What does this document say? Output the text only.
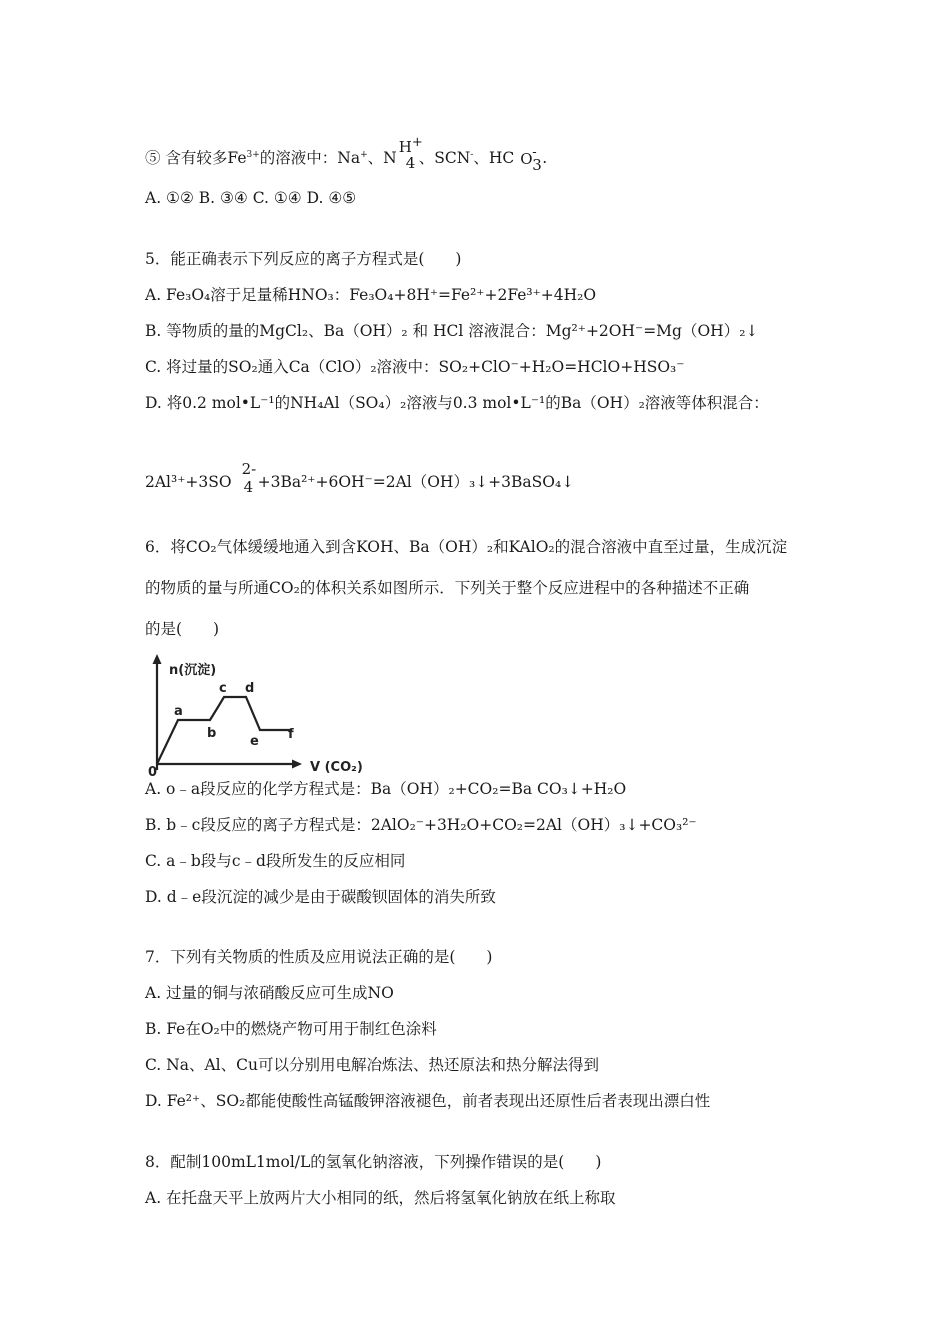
⑤ 含有较多$Fe^{3+}$的溶液中：Na+、N
H+
4 、SCN-、HC O -
3 .
A. ①② B. ③④ C. ①④ D. ④⑤
5．能正确表示下列反应的离子方程式是(　　)
A. Fe₃O₄溶于足量稀HNO₃：Fe₃O₄+8H⁺=Fe²⁺+2Fe³⁺+4H₂O
B. 等物质的量的MgCl₂、Ba（OH）₂ 和 HCl 溶液混合：Mg²⁺+2OH⁻=Mg（OH）₂↓
C. 将过量的SO₂通入Ca（ClO）₂溶液中：SO₂+ClO⁻+H₂O=HClO+HSO₃⁻
D. 将0.2 mol•L⁻¹的NH₄Al（SO₄）₂溶液与0.3 mol•L⁻¹的Ba（OH）₂溶液等体积混合：
2Al³⁺+3SO
2-
4 +3Ba²⁺+6OH⁻=2Al（OH）₃↓+3BaSO₄↓
6．将CO₂气体缓缓地通入到含KOH、Ba（OH）₂和KAlO₂的混合溶液中直至过量，生成沉淀
的物质的量与所通CO₂的体积关系如图所示．下列关于整个反应进程中的各种描述不正确
的是(　　)
n(沉淀)
0	V (CO₂)
a
b
c d
e f
A. o﹣a段反应的化学方程式是：Ba（OH）₂+CO₂=Ba CO₃↓+H₂O
B. b﹣c段反应的离子方程式是：2AlO₂⁻+3H₂O+CO₂=2Al（OH）₃↓+CO₃²⁻
C. a﹣b段与c﹣d段所发生的反应相同
D. d﹣e段沉淀的减少是由于碳酸钡固体的消失所致
7．下列有关物质的性质及应用说法正确的是(　　)
A. 过量的铜与浓硝酸反应可生成NO
B. Fe在O₂中的燃烧产物可用于制红色涂料
C. Na、Al、Cu可以分别用电解冶炼法、热还原法和热分解法得到
D. Fe²⁺、SO₂都能使酸性高锰酸钾溶液褪色，前者表现出还原性后者表现出漂白性
8．配制100mL1mol/L的氢氧化钠溶液，下列操作错误的是(　　)
A. 在托盘天平上放两片大小相同的纸，然后将氢氧化钠放在纸上称取
